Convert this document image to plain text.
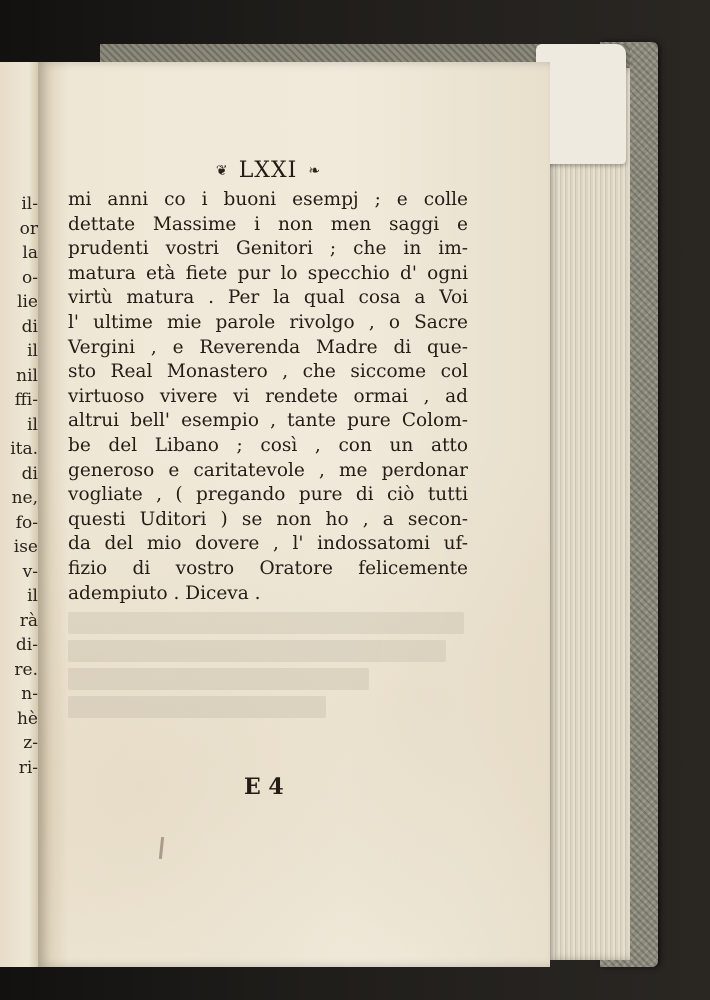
il-
or
la
o-
lie
di
il
nil
ffi-
il
ita.
di
ne,
fo-
ise
v-
il
rà
di-
re.
n-
hè
z-
ri-
❦ LXXI ❧
mi anni co i buoni esempj ; e colle
dettate Massime i non men saggi e
prudenti vostri Genitori ; che in im-
matura età fiete pur lo specchio d' ogni
virtù matura . Per la qual cosa a Voi
l' ultime mie parole rivolgo , o Sacre
Vergini , e Reverenda Madre di que-
sto Real Monastero , che siccome col
virtuoso vivere vi rendete ormai , ad
altrui bell' esempio , tante pure Colom-
be del Libano ; così , con un atto
generoso e caritatevole , me perdonar
vogliate , ( pregando pure di ciò tutti
questi Uditori ) se non ho , a secon-
da del mio dovere , l' indossatomi uf-
fizio di vostro Oratore felicemente
adempiuto . Diceva .
E 4
